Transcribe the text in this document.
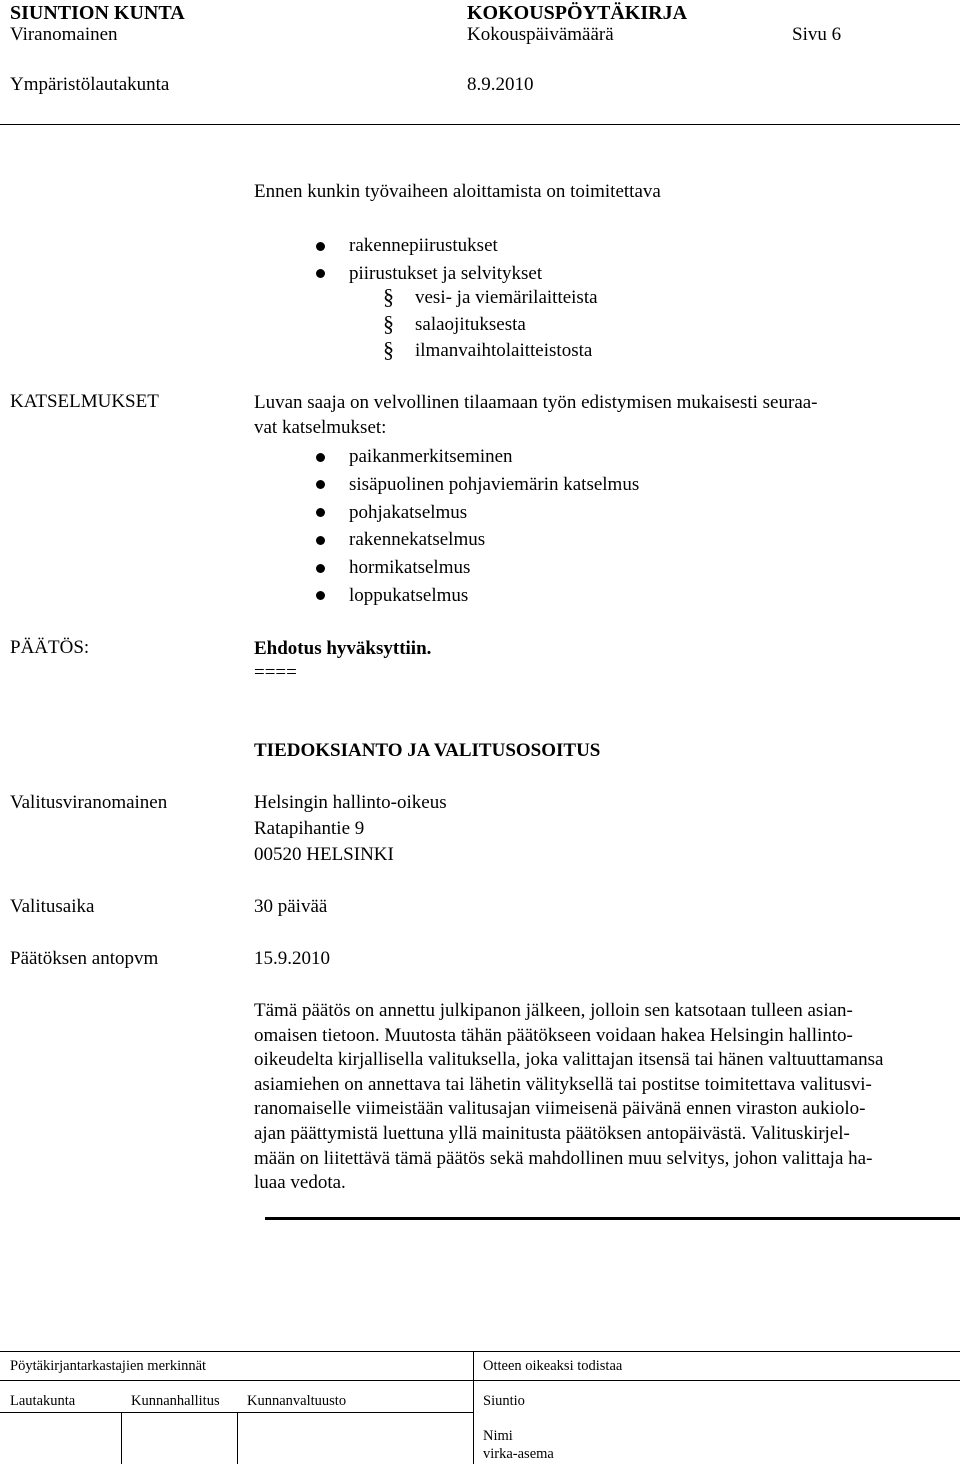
SIUNTION KUNTA	KOKOUSPÖYTÄKIRJA
Viranomainen	Kokouspäivämäärä	Sivu 6
Ympäristölautakunta	8.9.2010
Ennen kunkin työvaiheen aloittamista on toimitettava
rakennepiirustukset
piirustukset ja selvitykset
§ vesi- ja viemärilaitteista
§ salaojituksesta
§ ilmanvaihtolaitteistosta
KATSELMUKSET	Luvan saaja on velvollinen tilaamaan työn edistymisen mukaisesti seuraa-
vat katselmukset:
paikanmerkitseminen
sisäpuolinen pohjaviemärin katselmus
pohjakatselmus
rakennekatselmus
hormikatselmus
loppukatselmus
PÄÄTÖS:	Ehdotus hyväksyttiin.
====
TIEDOKSIANTO JA VALITUSOSOITUS
Valitusviranomainen	Helsingin hallinto-oikeus
Ratapihantie 9
00520 HELSINKI
Valitusaika	30 päivää
Päätöksen antopvm	15.9.2010
Tämä päätös on annettu julkipanon jälkeen, jolloin sen katsotaan tulleen asian-
omaisen tietoon. Muutosta tähän päätökseen voidaan hakea Helsingin hallinto-
oikeudelta kirjallisella valituksella, joka valittajan itsensä tai hänen valtuuttamansa
asiamiehen on annettava tai lähetin välityksellä tai postitse toimitettava valitusvi-
ranomaiselle viimeistään valitusajan viimeisenä päivänä ennen viraston aukiolo-
ajan päättymistä luettuna yllä mainitusta päätöksen antopäivästä. Valituskirjel-
mään on liitettävä tämä päätös sekä mahdollinen muu selvitys, johon valittaja ha-
luaa vedota.
Pöytäkirjantarkastajien merkinnät	Otteen oikeaksi todistaa
Lautakunta	Kunnanhallitus Kunnanvaltuusto	Siuntio
Nimi
virka-asema
